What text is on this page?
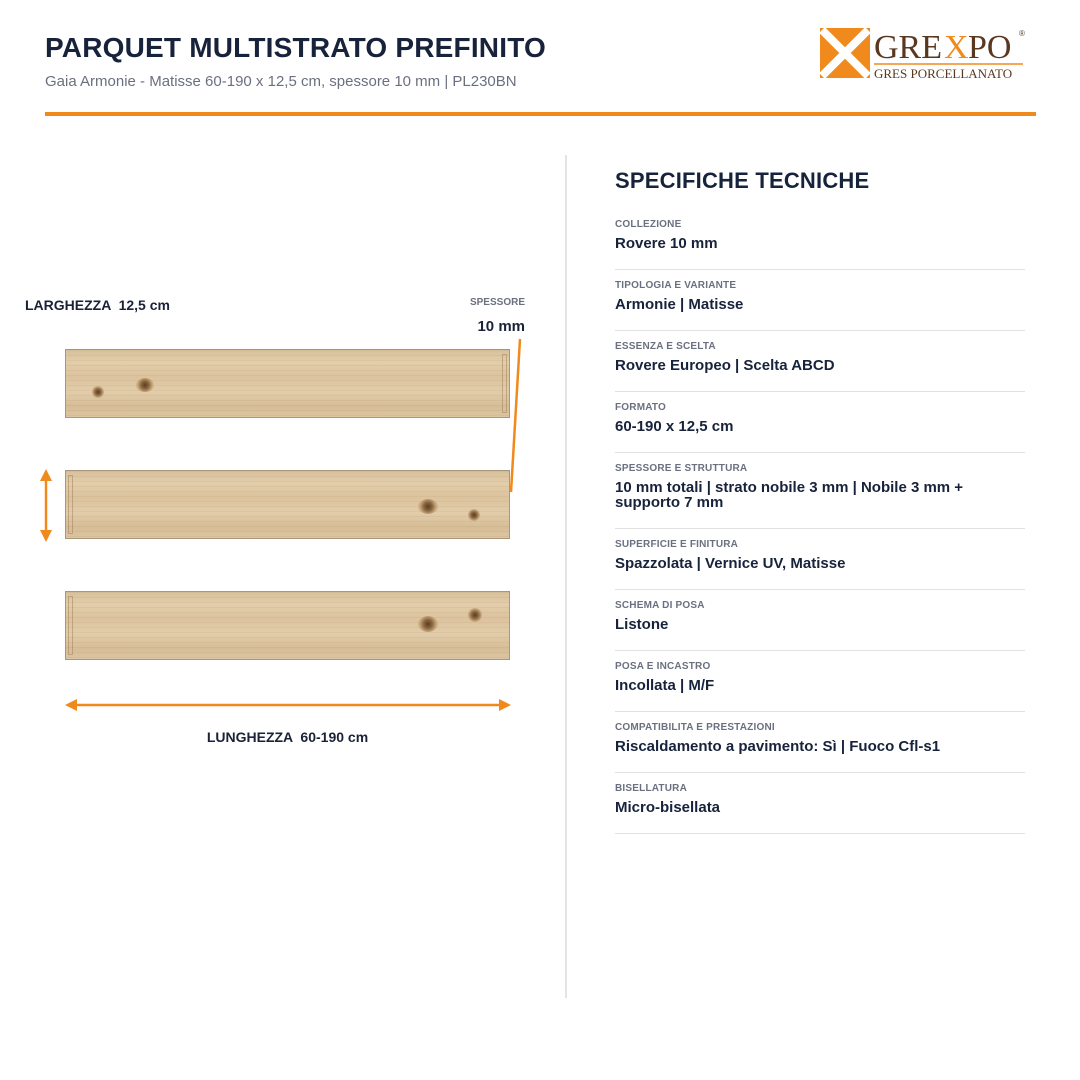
PARQUET MULTISTRATO PREFINITO
Gaia Armonie - Matisse 60-190 x 12,5 cm, spessore 10 mm | PL230BN
GRE X PO ®
GRES PORCELLANATO
LARGHEZZA  12,5 cm	SPESSORE
10 mm
LUNGHEZZA  60-190 cm
SPECIFICHE TECNICHE
COLLEZIONE
Rovere 10 mm
TIPOLOGIA E VARIANTE
Armonie | Matisse
ESSENZA E SCELTA
Rovere Europeo | Scelta ABCD
FORMATO
60-190 x 12,5 cm
SPESSORE E STRUTTURA
10 mm totali | strato nobile 3 mm | Nobile 3 mm + supporto 7 mm
SUPERFICIE E FINITURA
Spazzolata | Vernice UV, Matisse
SCHEMA DI POSA
Listone
POSA E INCASTRO
Incollata | M/F
COMPATIBILITA E PRESTAZIONI
Riscaldamento a pavimento: Sì | Fuoco Cfl-s1
BISELLATURA
Micro-bisellata
